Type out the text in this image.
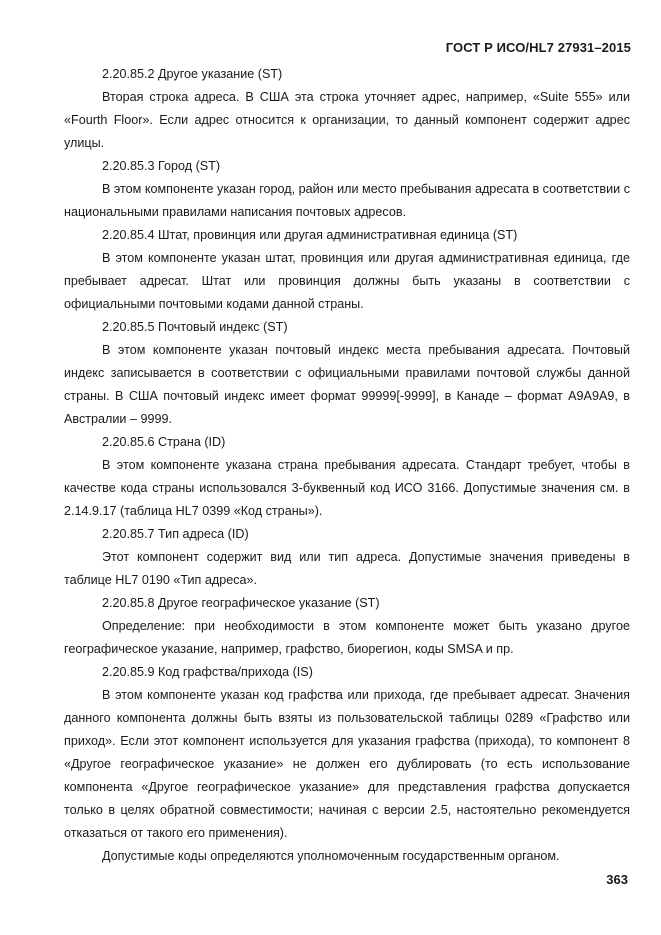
ГОСТ Р ИСО/HL7 27931–2015

2.20.85.2 Другое указание (ST)

Вторая строка адреса. В США эта строка уточняет адрес, например, «Suite 555» или «Fourth Floor». Если адрес относится к организации, то данный компонент содержит адрес улицы.

2.20.85.3 Город (ST)

В этом компоненте указан город, район или место пребывания адресата в соответствии с национальными правилами написания почтовых адресов.

2.20.85.4 Штат, провинция или другая административная единица (ST)

В этом компоненте указан штат, провинция или другая административная единица, где пребывает адресат. Штат или провинция должны быть указаны в соответствии с официальными почтовыми кодами данной страны.

2.20.85.5 Почтовый индекс (ST)

В этом компоненте указан почтовый индекс места пребывания адресата. Почтовый индекс записывается в соответствии с официальными правилами почтовой службы данной страны. В США почтовый индекс имеет формат 99999[-9999], в Канаде – формат A9A9A9, в Австралии – 9999.

2.20.85.6 Страна (ID)

В этом компоненте указана страна пребывания адресата. Стандарт требует, чтобы в качестве кода страны использовался 3-буквенный код ИСО 3166. Допустимые значения см. в 2.14.9.17 (таблица HL7 0399 «Код страны»).

2.20.85.7 Тип адреса (ID)

Этот компонент содержит вид или тип адреса. Допустимые значения приведены в таблице HL7 0190 «Тип адреса».

2.20.85.8 Другое географическое указание (ST)

Определение: при необходимости в этом компоненте может быть указано другое географическое указание, например, графство, биорегион, коды SMSA и пр.

2.20.85.9 Код графства/прихода (IS)

В этом компоненте указан код графства или прихода, где пребывает адресат. Значения данного компонента должны быть взяты из пользовательской таблицы 0289 «Графство или приход». Если этот компонент используется для указания графства (прихода), то компонент 8 «Другое географическое указание» не должен его дублировать (то есть использование компонента «Другое географическое указание» для представления графства допускается только в целях обратной совместимости; начиная с версии 2.5, настоятельно рекомендуется отказаться от такого его применения).

Допустимые коды определяются уполномоченным государственным органом.

363
